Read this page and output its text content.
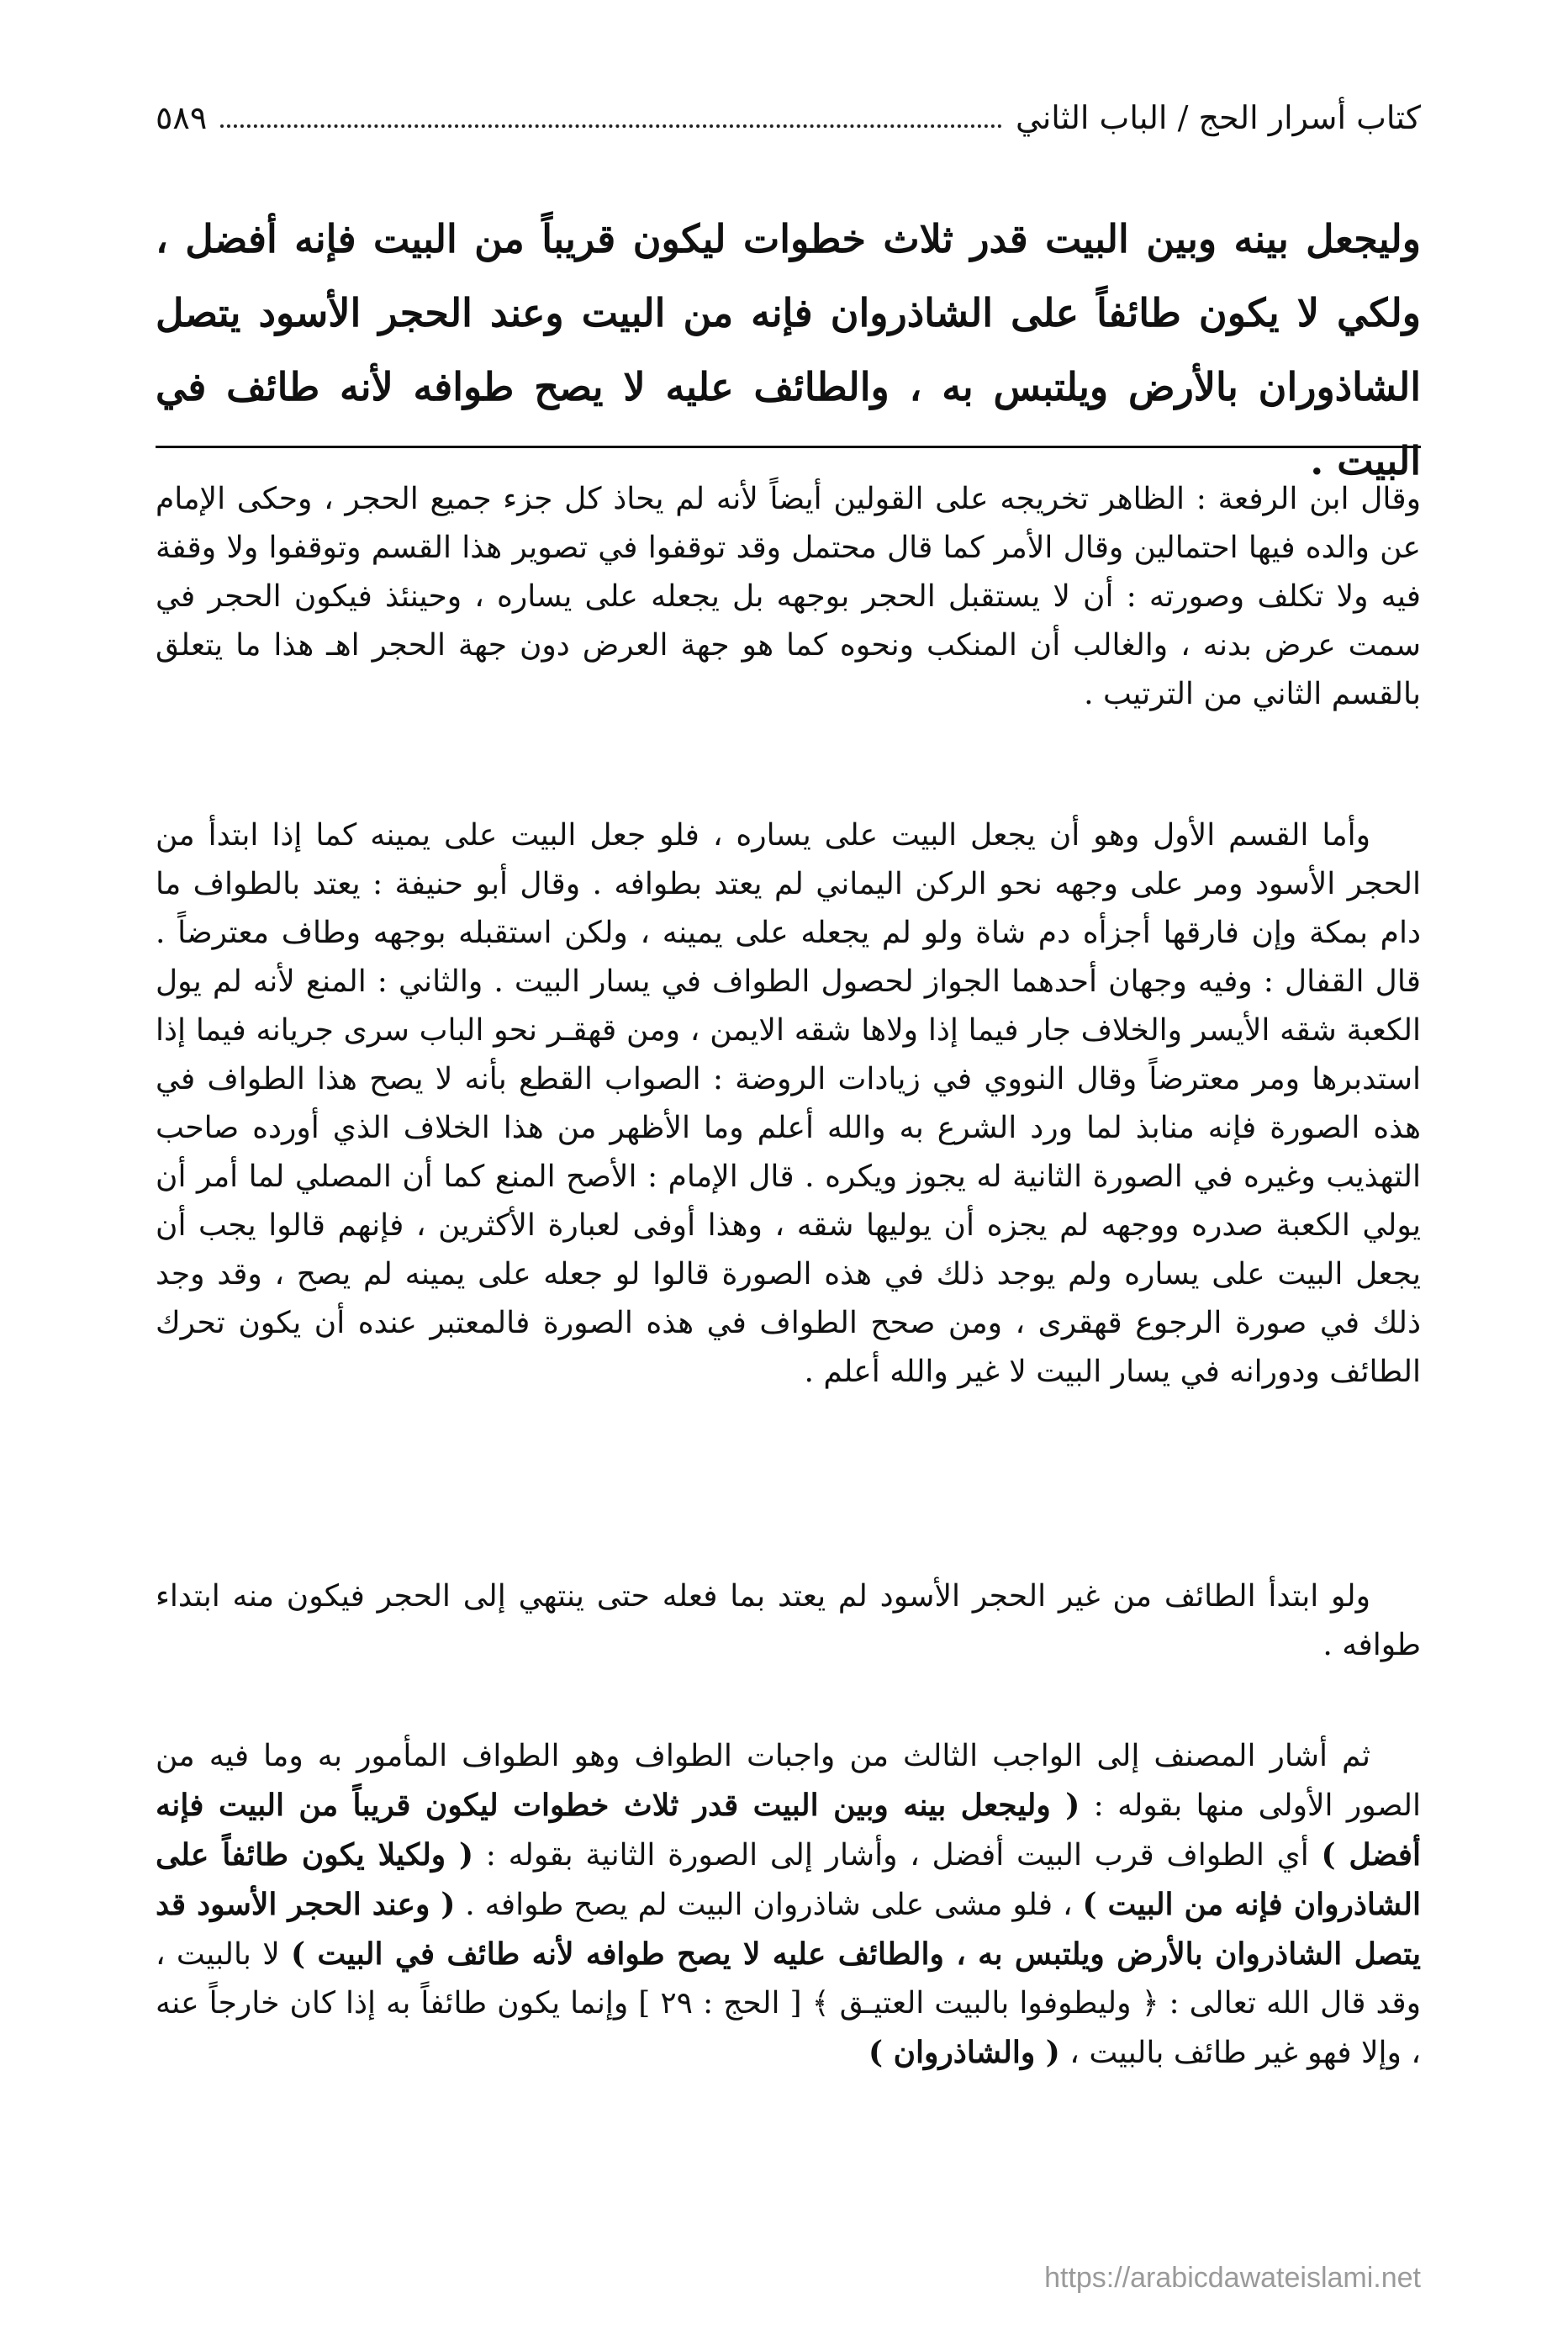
كتاب أسرار الحج / الباب الثاني
٥٨٩

وليجعل بينه وبين البيت قدر ثلاث خطوات ليكون قريباً من البيت فإنه أفضل ، ولكي لا يكون طائفاً على الشاذروان فإنه من البيت وعند الحجر الأسود يتصل الشاذوران بالأرض ويلتبس به ، والطائف عليه لا يصح طوافه لأنه طائف في البيت .

وقال ابن الرفعة : الظاهر تخريجه على القولين أيضاً لأنه لم يحاذ كل جزء جميع الحجر ، وحكى الإمام عن والده فيها احتمالين وقال الأمر كما قال محتمل وقد توقفوا في تصوير هذا القسم وتوقفوا ولا وقفة فيه ولا تكلف وصورته : أن لا يستقبل الحجر بوجهه بل يجعله على يساره ، وحينئذ فيكون الحجر في سمت عرض بدنه ، والغالب أن المنكب ونحوه كما هو جهة العرض دون جهة الحجر اهـ هذا ما يتعلق بالقسم الثاني من الترتيب .

وأما القسم الأول وهو أن يجعل البيت على يساره ، فلو جعل البيت على يمينه كما إذا ابتدأ من الحجر الأسود ومر على وجهه نحو الركن اليماني لم يعتد بطوافه . وقال أبو حنيفة : يعتد بالطواف ما دام بمكة وإن فارقها أجزأه دم شاة ولو لم يجعله على يمينه ، ولكن استقبله بوجهه وطاف معترضاً . قال القفال : وفيه وجهان أحدهما الجواز لحصول الطواف في يسار البيت . والثاني : المنع لأنه لم يول الكعبة شقه الأيسر والخلاف جار فيما إذا ولاها شقه الايمن ، ومن قهقـر نحو الباب سرى جريانه فيما إذا استدبرها ومر معترضاً وقال النووي في زيادات الروضة : الصواب القطع بأنه لا يصح هذا الطواف في هذه الصورة فإنه منابذ لما ورد الشرع به والله أعلم وما الأظهر من هذا الخلاف الذي أورده صاحب التهذيب وغيره في الصورة الثانية له يجوز ويكره . قال الإمام : الأصح المنع كما أن المصلي لما أمر أن يولي الكعبة صدره ووجهه لم يجزه أن يوليها شقه ، وهذا أوفى لعبارة الأكثرين ، فإنهم قالوا يجب أن يجعل البيت على يساره ولم يوجد ذلك في هذه الصورة قالوا لو جعله على يمينه لم يصح ، وقد وجد ذلك في صورة الرجوع قهقرى ، ومن صحح الطواف في هذه الصورة فالمعتبر عنده أن يكون تحرك الطائف ودورانه في يسار البيت لا غير والله أعلم .

ولو ابتدأ الطائف من غير الحجر الأسود لم يعتد بما فعله حتى ينتهي إلى الحجر فيكون منه ابتداء طوافه .

ثم أشار المصنف إلى الواجب الثالث من واجبات الطواف وهو الطواف المأمور به وما فيه من الصور الأولى منها بقوله : ( وليجعل بينه وبين البيت قدر ثلاث خطوات ليكون قريباً من البيت فإنه أفضل ) أي الطواف قرب البيت أفضل ، وأشار إلى الصورة الثانية بقوله : ( ولكيلا يكون طائفاً على الشاذروان فإنه من البيت ) ، فلو مشى على شاذروان البيت لم يصح طوافه . ( وعند الحجر الأسود قد يتصل الشاذروان بالأرض ويلتبس به ، والطائف عليه لا يصح طوافه لأنه طائف في البيت ) لا بالبيت ، وقد قال الله تعالى : ﴿ وليطوفوا بالبيت العتيـق ﴾ [ الحج : ٢٩ ] وإنما يكون طائفاً به إذا كان خارجاً عنه ، وإلا فهو غير طائف بالبيت ، ( والشاذروان )

https://arabicdawateislami.net
